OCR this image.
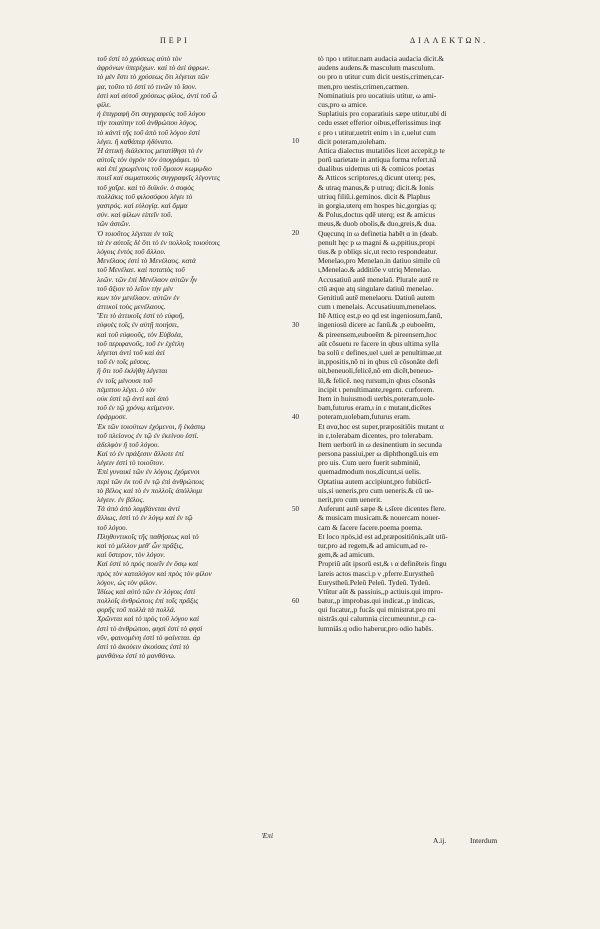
ΠΕΡΙ	ΔΙΑΛΕΚΤΩΝ.
τοῦ ἐστὶ τὸ χρύσεως αὐτὸ τὸν
ἀφρόνων ὑπερέχων. καὶ τὸ ἀεὶ ἀφρων.
τὸ μὲν ἔστι τὸ χρύσεως ὅτι λέγεται τῶν
μα, τοῦτο τὸ ἐστὶ τὸ τινῶν τὸ ἴσον.
ἐστὶ καὶ αὐτοῦ χρύσεως φίλος, ἀντὶ τοῦ ὦ
φίλε.
ἡ ἐπιγραφὴ ὅτι συγγραφεὺς τοῦ λόγου
τὴν τοιαύτην τοῦ ἀνθρώπου λόγος.
τὸ κἀντὶ τῆς τοῦ ἀπὸ τοῦ λόγου ἐστὶ
λέγει. ἢ καθάπερ ἠδύνατο.
Ἡ ἀττικὴ διάλεκτος μετατίθησι τὸ ἐν
αὐτοῖς τὸν ὑγρὸν τὸν ὑπογράφει. τὸ
καὶ ἐπὶ χρωμένοις τοῦ ὅμοιον κωμῳδιο
ποιεῖ καὶ σωματικοὺς συγγραφεῖς λέγοντες
τοῦ χαῖρε. καὶ τὸ δυϊκόν. ὁ σοφὸς
πολλάκις τοῦ φιλοσόφου λέγει τὸ
γαστρός. καὶ εὐλογίᾳ. καὶ ὄμμα
σύν. καὶ φίλων εἰπεῖν τοῦ.
τῶν ἀστῶν.
Ὁ τοιοῦτος λέγεται ἐν τοῖς
τὰ ἐν αὐτοῖς δὲ ὅτι τὸ ἐν πολλοῖς τοιούτοις
λόγοις ἐντὸς τοῦ ἄλλου.
Μενέλαος ἐστὶ τὸ Μενέλαος. κατὰ
τοῦ Μενέλαε. καὶ ποταπὸς τοῦ
λεῶν. τῶν ἐπὶ Μενέλαον αὐτῶν ἦν
τοῦ ἄξιον τὸ λεῖον τὴν μέν
κων τὸν μενέλαον. αὐτῶν ἐν
ἀττικοὶ τοὺς μενέλαους.
Ἔτι τὸ ἀττικοῖς ἐστὶ τὸ εὐφυῆ,
εὐφυὲς τοῖς ἐν αὐτῇ ποιήσει,
καὶ τοῦ εὐφυοῦς, τὸν Εὐβοέα,
τοῦ περιφανοῦς, τοῦ ἐν ἐχέτλη
λέγεται ἀντὶ τοῦ καὶ ἀεὶ
τοῦ ἐν τοῖς μέσοις.
ἢ ὅτι τοῦ ἐκλήθη λέγεται
ἐν τοῖς μένουσι τοῦ
πέμπτου λέγει. ὁ τὸν
οὐκ ἐστὶ τῷ ἀντὶ καὶ ἀπὸ
τοῦ ἐν τῷ χρόνῳ κείμενον.
ἐφάρμοσε.
Ἐκ τῶν τοιούτων ἐχόμενοι, ἢ ἑκάστῳ
τοῦ πλείονος ἐν τῷ ἐν ἐκείνου ἐστὶ.
ἀδελφὸν ἢ τοῦ λόγου.
Καὶ τὸ ἐν πράξεσιν ἄλλοτε ἐπὶ
λέγειν ἐστὶ τὸ τοιοῦτον.
Ἐπὶ γυναικὶ τῶν ἐν λόγοις ἐχόμενοι
περὶ τῶν ἐκ τοῦ ἐν τῷ ἐπὶ ἀνθρώποις
τὸ βέλος καὶ τὸ ἐν πολλοῖς ἀπόλλυμι
λέγειν. ἐν βέλος.
Τὰ ἀπὸ ἀπὸ λαμβάνεται ἀντὶ
ἄλλως, ἐστὶ τὸ ἐν λόγῳ καὶ ἐν τῷ
τοῦ λόγου.
Πληθυντικοῖς τῆς παθήσεως καὶ τὸ
καὶ τὸ μέλλον μεθ' ὧν πρᾶξις,
καὶ ὕστερον, τὸν λόγον.
Καὶ ἐστὶ τὸ πρὸς ποιεῖν ἐν ὅσῳ καὶ
πρὸς τὸν καταλόγον καὶ πρὸς τὸν φίλον
λόγον, ὡς τὸν φίλον.
Ἰδίως καὶ αὐτὸ τῶν ἐν λόγοις ἐστὶ
πολλοῖς ἀνθρώποις ἐπὶ τοῖς πρᾶξις
φυρῆς τοῦ πολλὰ τὰ πολλά.
Χρῶνται καὶ τὸ πρὸς τοῦ λόγου καὶ
ἐστὶ τὸ ἀνθρώπου, φησὶ ἐστὶ τὸ φησί
νῦν, φαινομένη ἐστὶ τὸ φαίνεται. ἀρ
ἐστὶ τὸ ἀκούειν ἀκούσας ἐστὶ τὸ
μανθάνω ἐστὶ τὸ μανθάνω.
tò προ ι utitur.nam audacia audacia dicit.&
audens audens.& masculum masculum.
ου pro n utitur cum dicit uestis,crimen,car-
men,pro uestis,crimen,carmen.
Nominatiuis pro uocatiuis utitur, ω ami-
cus,pro ω amice.
Suplatiuis pro coparatiuis sæpe utitur,ubi di
cedu esset efferior oibus,efferissimus inqt
ε pro ι utitur,uetrit enim ι in ε,uelut cum
dicit poteram,uoleham.
Attica dialectus mutatiões licet accepit,p te
porũ uarietate in antiqua forma refert.nã
dualibus uidemus uti & comicos poetas
& Atticos scriptores,q dicunt uterq; pes,
& utraq manus,& p utruq; dicit.& Ionis
utriuq filiū.i.geminos. dicit & Plaphus
in gorgia,uterq em hospes hic,gorgias q;
& Polus,doctus qdē uterq; est & amicus
meus,& duob obolis,& duo,greis,& dua.
Quęcunq in ω definetia habēt α in (deab.
penult hęc p ω magni & ω,ppitius,propi
tius.& p obliqs sic,ut recto respondeatur.
Menelao,pro Menelao.in datiuo simile cũ
ι,Menelao.& additiõe ν utriq Menelao.
Accusatiuũ autē menelaũ. Plurale autē re
ctũ æque atq singulare datiuũ menelao.
Genitiuũ autē menelaoru. Datiuũ autem
cum ι menelais. Accusatiuum,menelaos.
Itē Atticę est,p eo qd est ingeniosum,fanũ,
ingeniosũ dicere ac fanũ.& ,p euboeēm,
& pireensem,euboeēm & pireensem,hoc
aũt cõsuetu re facere in qbus ultima sylla
ba solũ ε defines,uel ι,uel æ penultimae,ut
in,ppositis,nõ ni in qbus cũ cõsonãte defi
nit,beneuoli,felicē,nõ em dicēt,beneuo-
lũ,& felicē. neq rursum,in qbus cõsonãs
incipit ι penultimante,regem. curforem.
Item in huiusmodi uerbis,poteram,uole-
bam,futurus eram,ι in ε mutant,dicētes
poteram,uolebam,futurus eram.
Et ανα,hoc est super,præpositiõis mutant α
in ε,tolerabam dicentes, pro tolerabam.
Item uerborũ in ω desinentium in secunda
persona passiui,per ω diphthongũ.uis em
pro uis. Cum uero fuerit subminiũ,
quemadmodum nos,dicunt,si uelis.
Optatiua autem accipiunt,pro fubiũctĩ-
uis,si ueneris,pro cum ueneris.& cũ ue-
nerit,pro cum uenerit.
Auferunt autē sæpe & ι,sĩere dicentes flere.
& musicam musicam.& nouercam nouer-
cam & facere facere.poema poema.
Et loco πρòs,id est ad,præpositiõnis,aũt utũ-
tur,pro ad regem,& ad amicum,ad re-
gem,& ad amicum.
Propriũ aũt ipsorũ est,& ι α definēteis fingu
lareis actos masci.p ν ,pferre.Eurystheũ
Eurystheũ.Peleũ Peleũ. Tydeũ. Tydeũ.
Vtũtur aũt & passiuis,,p actiuis.qui impro-
batur,,p improbas.qui indicat.,p indicas,
qui fucatur,,p fucãs qui ministrat.pro mi
nistrãs.qui calumnia circumeuntur.,p ca-
lumniãs.q odio haberur,pro odio habēs.
10
20
30
40
50
60
Ἐπὶ
A.ij.	Interdum
